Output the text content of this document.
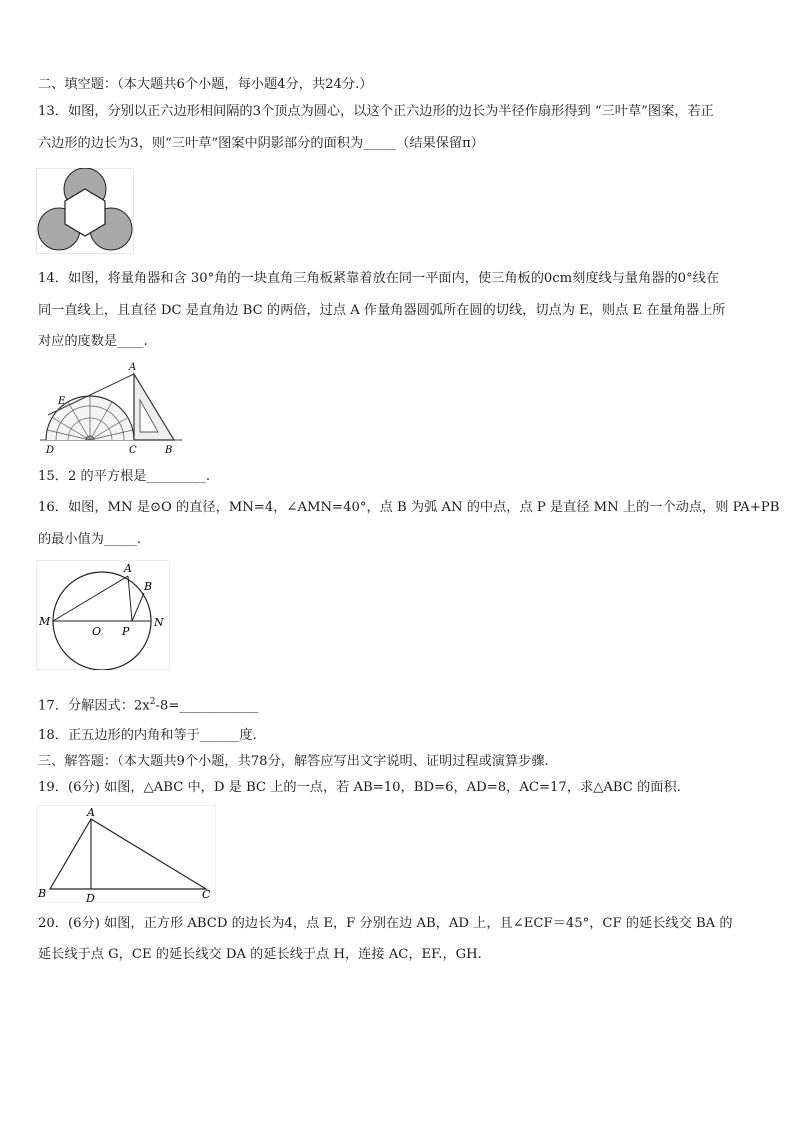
二、填空题：（本大题共6个小题，每小题4分，共24分.）
13．如图，分别以正六边形相间隔的3个顶点为圆心，以这个正六边形的边长为半径作扇形得到 “三叶草”图案，若正
六边形的边长为3，则“三叶草”图案中阴影部分的面积为_____（结果保留π）
14．如图，将量角器和含 30°角的一块直角三角板紧靠着放在同一平面内，使三角板的0cm刻度线与量角器的0°线在
同一直线上，且直径 DC 是直角边 BC 的两倍，过点 A 作量角器圆弧所在圆的切线，切点为 E，则点 E 在量角器上所
对应的度数是____.
A
E
D	C	B
15．2 的平方根是_________.
16．如图，MN 是⊙O 的直径，MN=4，∠AMN=40°，点 B 为弧 AN 的中点，点 P 是直径 MN 上的一个动点，则 PA+PB
的最小值为_____.
A
B
M
O P
N
17．分解因式：$2x^2-8=\_\_\_\_\_\_\_\_\_\_\_\_$
18．正五边形的内角和等于______度.
三、解答题：（本大题共9个小题，共78分，解答应写出文字说明、证明过程或演算步骤.
19．(6分) 如图，△ABC 中，D 是 BC 上的一点，若 AB=10，BD=6，AD=8，AC=17，求△ABC 的面积.
A
B	D	C
20．(6分) 如图，正方形 ABCD 的边长为4，点 E，F 分别在边 AB，AD 上，且∠ECF＝45°，CF 的延长线交 BA 的
延长线于点 G，CE 的延长线交 DA 的延长线于点 H，连接 AC，EF.，GH.
